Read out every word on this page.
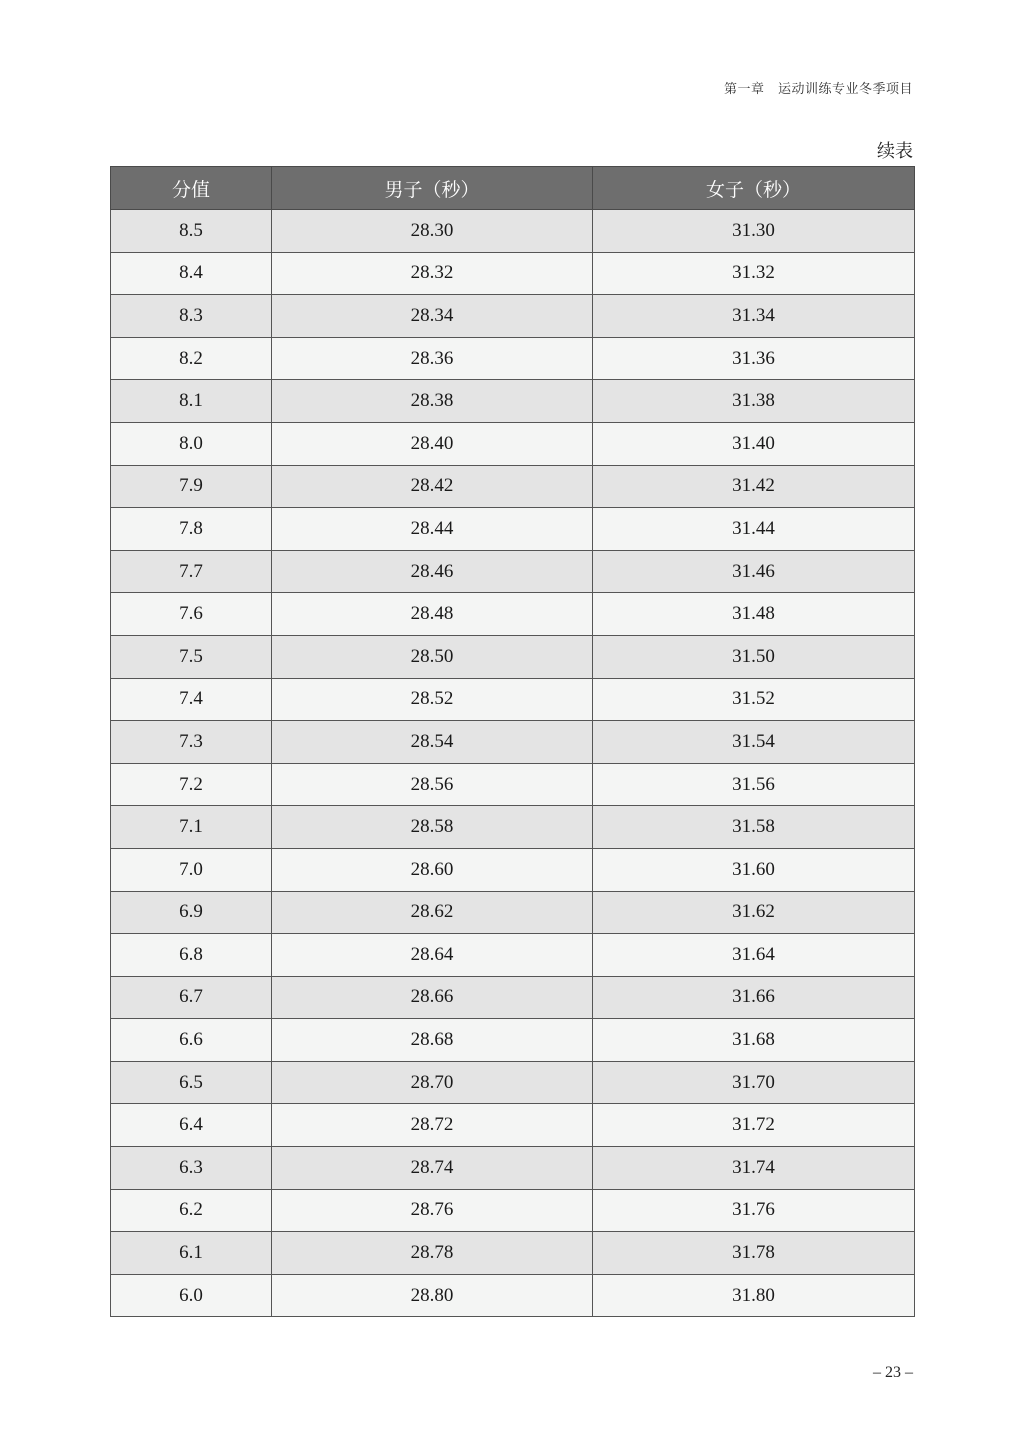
第一章　运动训练专业冬季项目
续表
分值	男子（秒）	女子（秒）
8.5	28.30	31.30
8.4	28.32	31.32
8.3	28.34	31.34
8.2	28.36	31.36
8.1	28.38	31.38
8.0	28.40	31.40
7.9	28.42	31.42
7.8	28.44	31.44
7.7	28.46	31.46
7.6	28.48	31.48
7.5	28.50	31.50
7.4	28.52	31.52
7.3	28.54	31.54
7.2	28.56	31.56
7.1	28.58	31.58
7.0	28.60	31.60
6.9	28.62	31.62
6.8	28.64	31.64
6.7	28.66	31.66
6.6	28.68	31.68
6.5	28.70	31.70
6.4	28.72	31.72
6.3	28.74	31.74
6.2	28.76	31.76
6.1	28.78	31.78
6.0	28.80	31.80
– 23 –
